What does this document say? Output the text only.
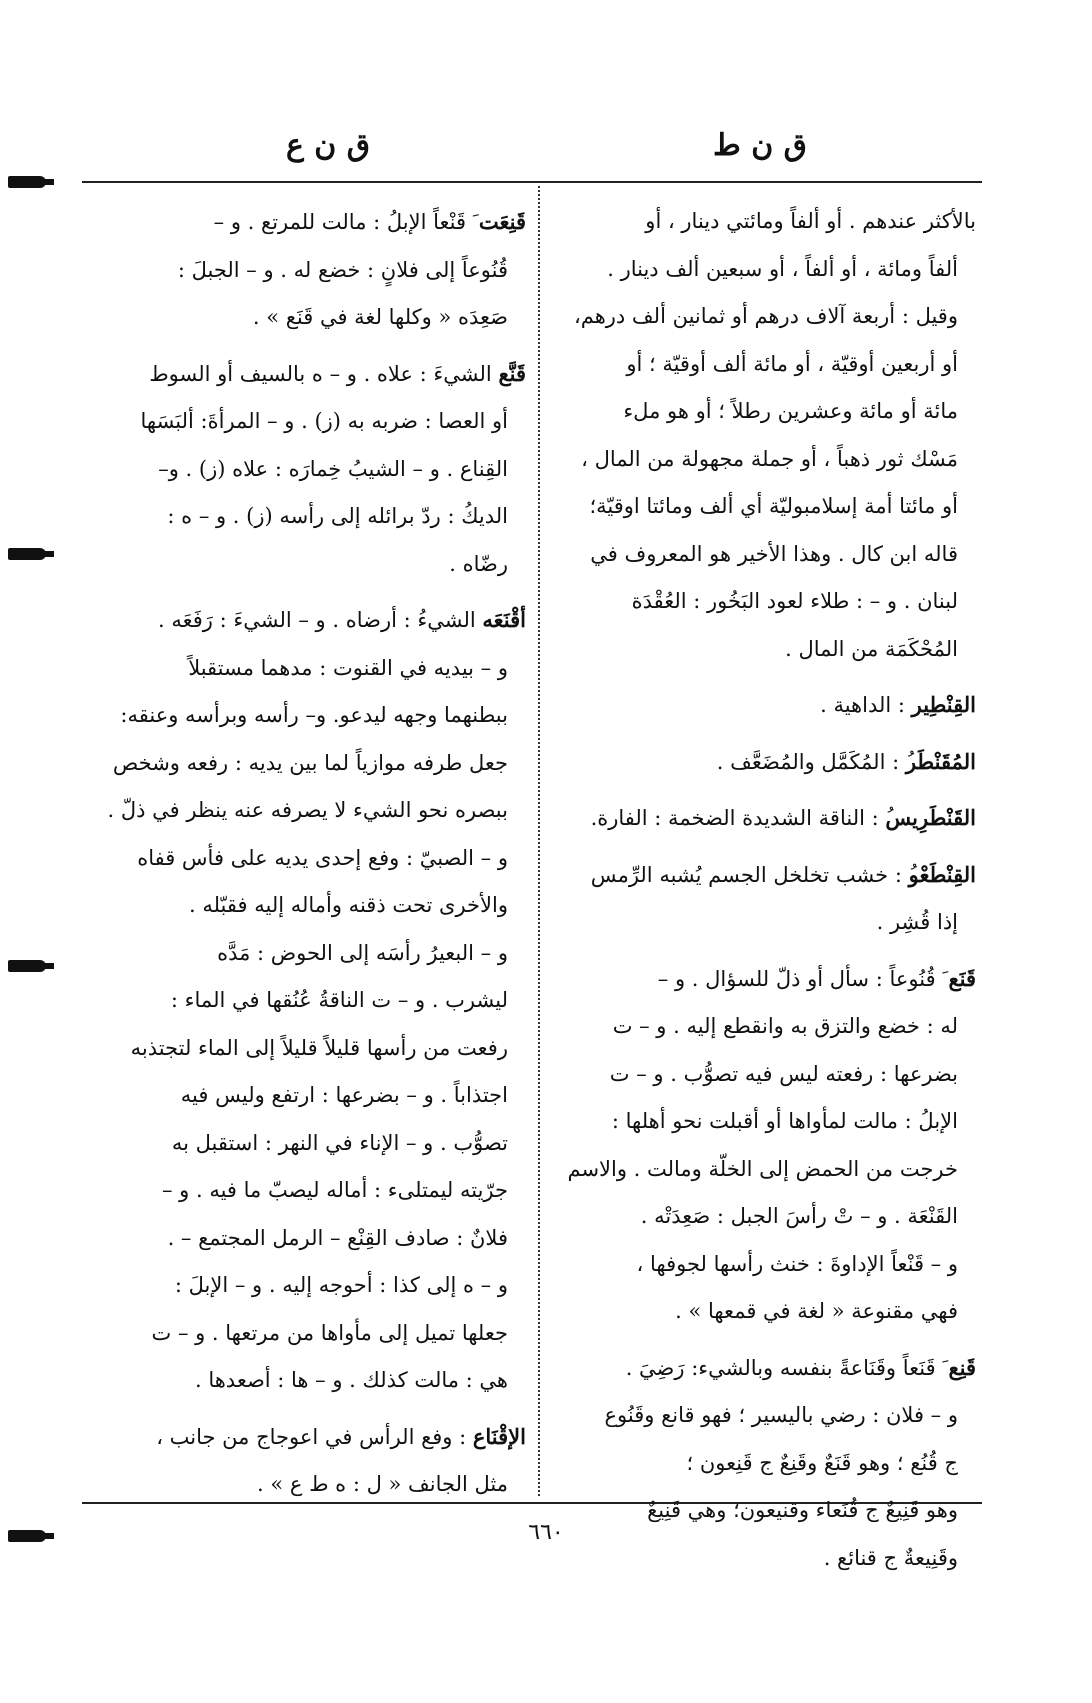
ق ن ط
ق ن ع
بالأكثر عندهم . أو ألفاً ومائتي دينار ، أو
ألفاً ومائة ، أو ألفاً ، أو سبعين ألف دينار .
وقيل : أربعة آلاف درهم أو ثمانين ألف درهم،
أو أربعين أوقيّة ، أو مائة ألف أوقيّة ؛ أو
مائة أو مائة وعشرين رطلاً ؛ أو هو ملء
مَسْك ثور ذهباً ، أو جملة مجهولة من المال ،
أو مائتا أمة إسلامبوليّة أي ألف ومائتا اوقيّة؛
قاله ابن كال . وهذا الأخير هو المعروف في
لبنان . و – : طلاء لعود البَخُور : العُقْدَة
المُحْكَمَة من المال .
القِنْطِير : الداهية .
المُقَنْطَرُ : المُكَمَّل والمُضَعَّف .
القَنْطَرِيسُ : الناقة الشديدة الضخمة : الفارة.
القِنْطَعْوُ : خشب تخلخل الجسم يُشبه الرِّمس
إذا قُشِر .
قَنَع َ قُنُوعاً : سأل أو ذلّ للسؤال . و –
له : خضع والتزق به وانقطع إليه . و – ت
بضرعها : رفعته ليس فيه تصوُّب . و – ت
الإبلُ : مالت لمأواها أو أقبلت نحو أهلها :
خرجت من الحمض إلى الخلّة ومالت . والاسم
القَنْعَة . و – تْ رأسَ الجبل : صَعِدَتْه .
و – قَنْعاً الإداوةَ : خنث رأسها لجوفها ،
فهي مقنوعة « لغة في قمعها » .
قَنِع َ قَنَعاً وقَنَاعةً بنفسه وبالشيء: رَضِيَ .
و – فلان : رضي باليسير ؛ فهو قانع وقَنُوع
ج قُنُع ؛ وهو قَنَعٌ وقَنِعٌ ج قَنِعون ؛
وهو قَنِيعٌ ج قُنَعاء وقنيعون؛ وهي قَنِيعٌ
وقَنِيعةٌ ج قنائع .
قَنِعَت َ قَنْعاً الإبلُ : مالت للمرتع . و –
قُنُوعاً إلى فلانٍ : خضع له . و – الجبلَ :
صَعِدَه « وكلها لغة في قَنَع » .
قَنَّع الشيءَ : علاه . و – ه بالسيف أو السوط
أو العصا : ضربه به (ز) . و – المرأةَ: ألبَسَها
القِناع . و – الشيبُ خِمارَه : علاه (ز) . و–
الديكُ : ردّ برائله إلى رأسه (ز) . و – ه :
رضّاه .
أقْنَعَه الشيءُ : أرضاه . و – الشيءَ : رَفَعَه .
و – بيديه في القنوت : مدهما مستقبلاً
ببطنهما وجهه ليدعو. و– رأسه وبرأسه وعنقه:
جعل طرفه موازياً لما بين يديه : رفعه وشخص
ببصره نحو الشيء لا يصرفه عنه ينظر في ذلّ .
و – الصبيّ : وفع إحدى يديه على فأس قفاه
والأخرى تحت ذقنه وأماله إليه فقبّله .
و – البعيرُ رأسَه إلى الحوض : مَدَّه
ليشرب . و – ت الناقةُ عُنُقها في الماء :
رفعت من رأسها قليلاً قليلاً إلى الماء لتجتذبه
اجتذاباً . و – بضرعها : ارتفع وليس فيه
تصوُّب . و – الإناء في النهر : استقبل به
جرّيته ليمتلىء : أماله ليصبّ ما فيه . و –
فلانٌ : صادف القِنْع – الرمل المجتمع – .
و – ه إلى كذا : أحوجه إليه . و – الإبلَ :
جعلها تميل إلى مأواها من مرتعها . و – ت
هي : مالت كذلك . و – ها : أصعدها .
الإقْنَاع : وفع الرأس في اعوجاج من جانب ،
مثل الجانف « ل : ه ط ع » .
٦٦٠
